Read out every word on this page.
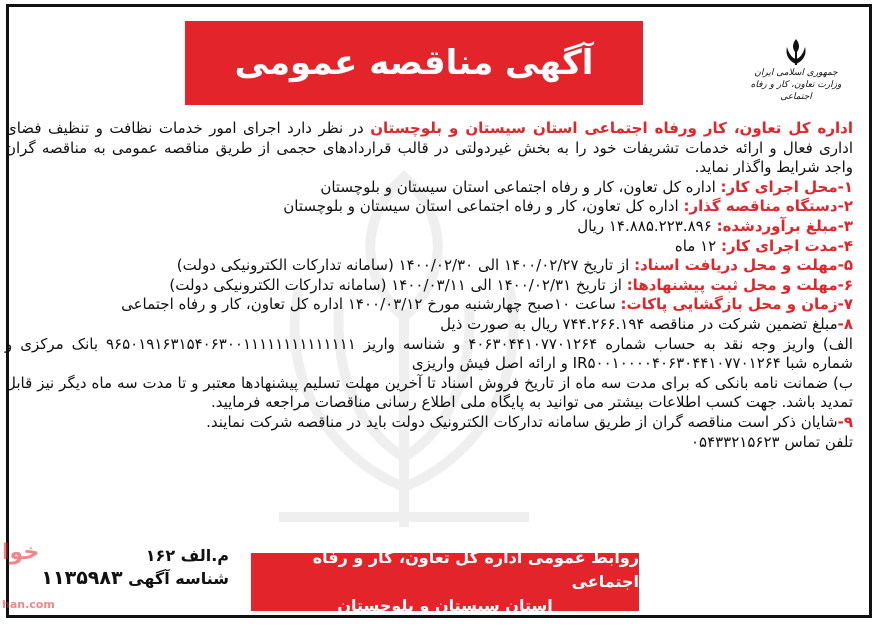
آگهی مناقصه عمومی	جمهوری اسلامی ایران
وزارت تعاون، کار و رفاه اجتماعی

اداره کل تعاون، کار ورفاه اجتماعی استان سیستان و بلوچستان در نظر دارد اجرای امور خدمات نظافت و تنظیف فضای اداری فعال و ارائه خدمات تشریفات خود را به بخش غیردولتی در قالب قراردادهای حجمی از طریق مناقصه عمومی به مناقصه گران واجد شرایط واگذار نماید.

۱-محل اجرای کار: اداره کل تعاون، کار و رفاه اجتماعی استان سیستان و بلوچستان

۲-دستگاه مناقصه گذار: اداره کل تعاون، کار و رفاه اجتماعی استان سیستان و بلوچستان

۳-مبلغ برآوردشده: ۱۴.۸۸۵.۲۲۳.۸۹۶ ریال

۴-مدت اجرای کار: ۱۲ ماه

۵-مهلت و محل دریافت اسناد: از تاریخ ۱۴۰۰/۰۲/۲۷ الی ۱۴۰۰/۰۲/۳۰ (سامانه تدارکات الکترونیکی دولت)

۶-مهلت و محل ثبت پیشنهادها: از تاریخ ۱۴۰۰/۰۲/۳۱ الی ۱۴۰۰/۰۳/۱۱ (سامانه تدارکات الکترونیکی دولت)

۷-زمان و محل بازگشایی پاکات: ساعت ۱۰صبح چهارشنبه مورخ ۱۴۰۰/۰۳/۱۲ اداره کل تعاون، کار و رفاه اجتماعی

۸-مبلغ تضمین شرکت در مناقصه ۷۴۴.۲۶۶.۱۹۴ ریال به صورت ذیل

الف) واریز وجه نقد به حساب شماره ۴۰۶۳۰۴۴۱۰۷۷۰۱۲۶۴ و شناسه واریز ۹۶۵۰۱۹۱۶۳۱۵۴۰۶۳۰۰۱۱۱۱۱۱۱۱۱۱۱۱۱۱ بانک مرکزی و شماره شبا IR۵۰۰۱۰۰۰۰۴۰۶۳۰۴۴۱۰۷۷۰۱۲۶۴ و ارائه اصل فیش واریزی

ب) ضمانت نامه بانکی که برای مدت سه ماه از تاریخ فروش اسناد تا آخرین مهلت تسلیم پیشنهادها معتبر و تا مدت سه ماه دیگر نیز قابل تمدید باشد. جهت کسب اطلاعات بیشتر می توانید به پایگاه ملی اطلاع رسانی مناقصات مراجعه فرمایید.

۹-شایان ذکر است مناقصه گران از طریق سامانه تدارکات الکترونیک دولت باید در مناقصه شرکت نمایند.

تلفن تماس ۰۵۴۳۳۲۱۵۶۲۳

روابط عمومی اداره کل تعاون، کار و رفاه اجتماعی
استان سیستان و بلوچستان
م.الف ۱۶۲
شناسه آگهی ۱۱۳۵۹۸۳
خوا
han.com
